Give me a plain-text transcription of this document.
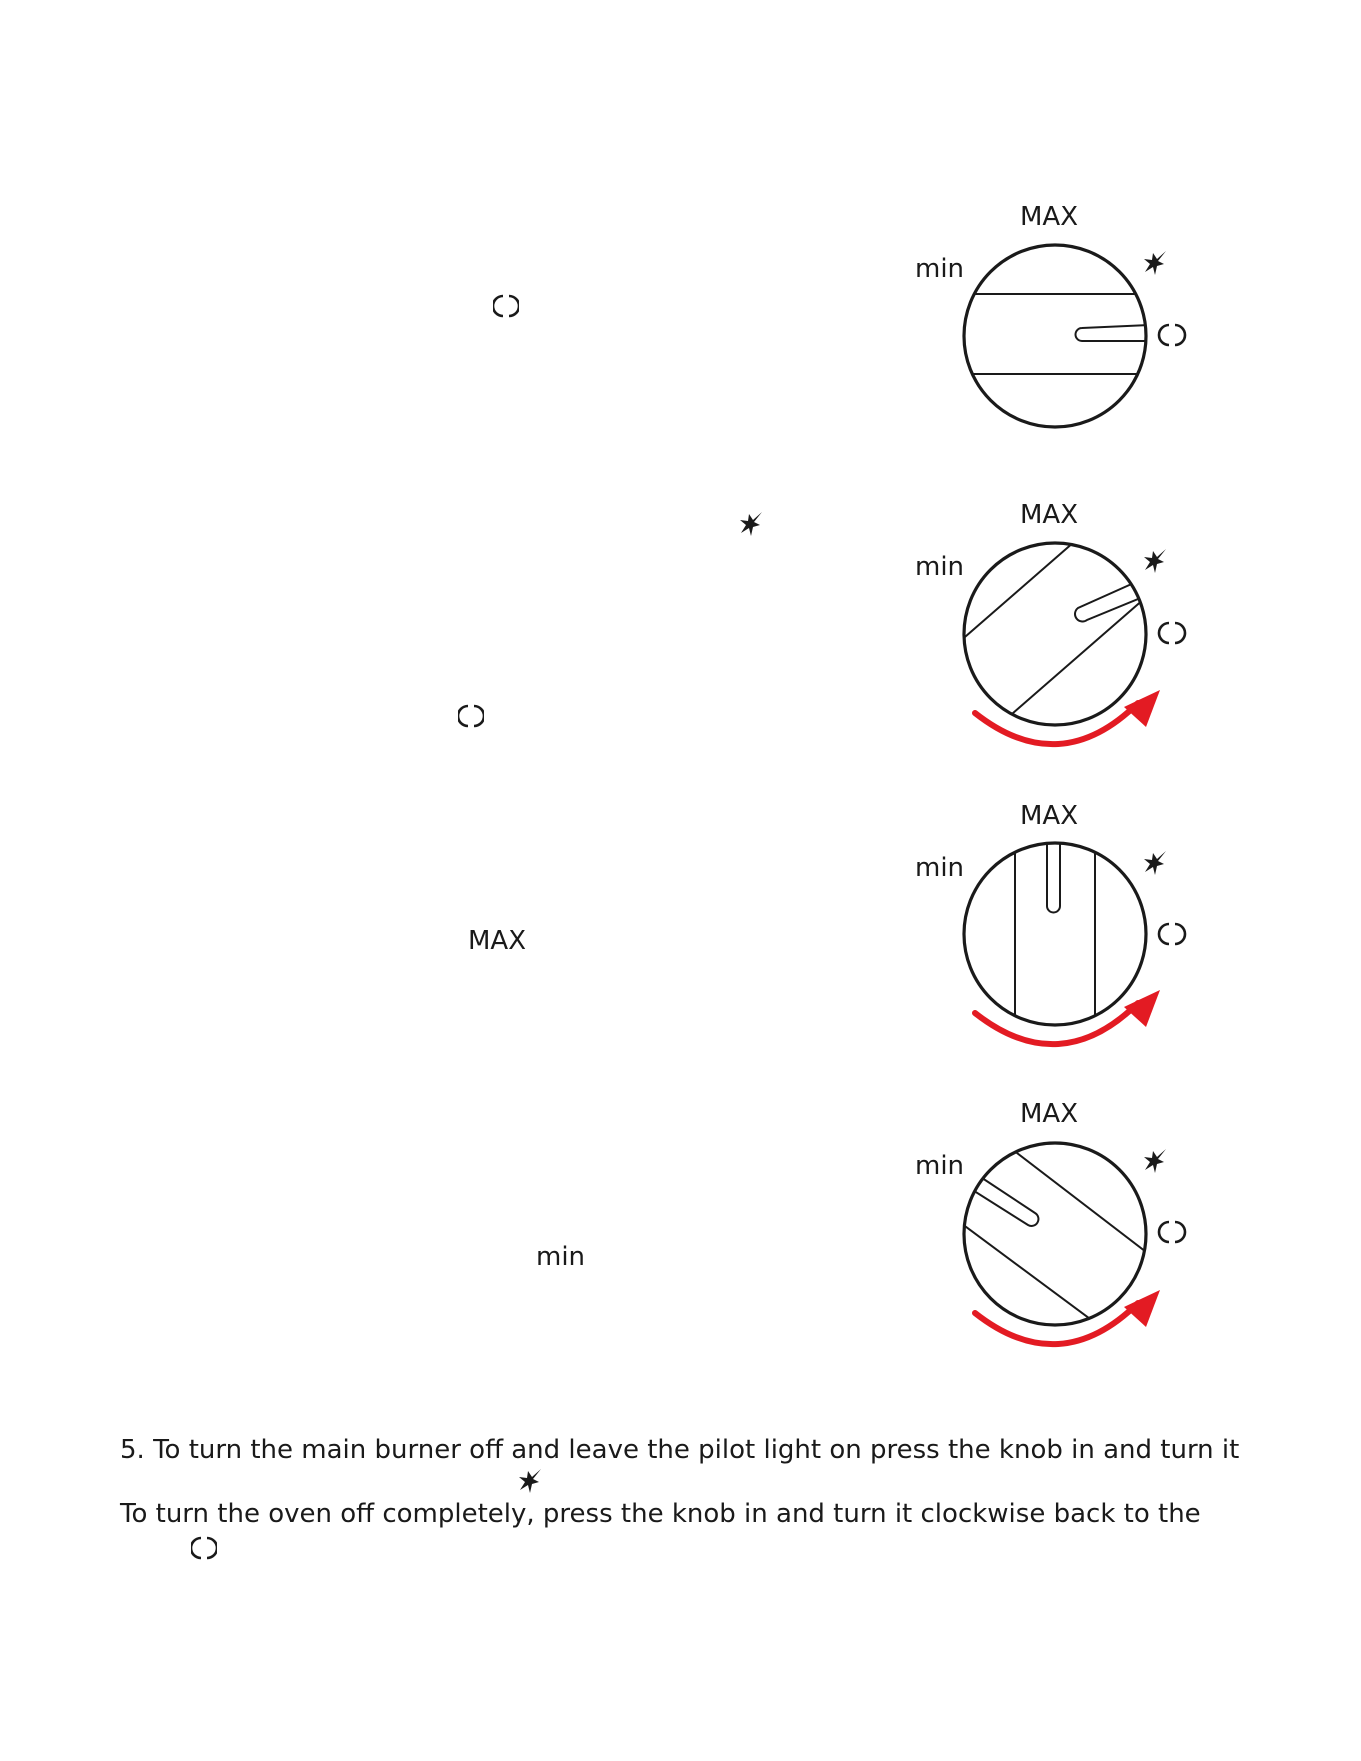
MAX
min
MAX
min
MAX
min
MAX
min
MAX
min
5. To turn the main burner off and leave the pilot light on press the knob in and turn it
To turn the oven off completely, press the knob in and turn it clockwise back to the
